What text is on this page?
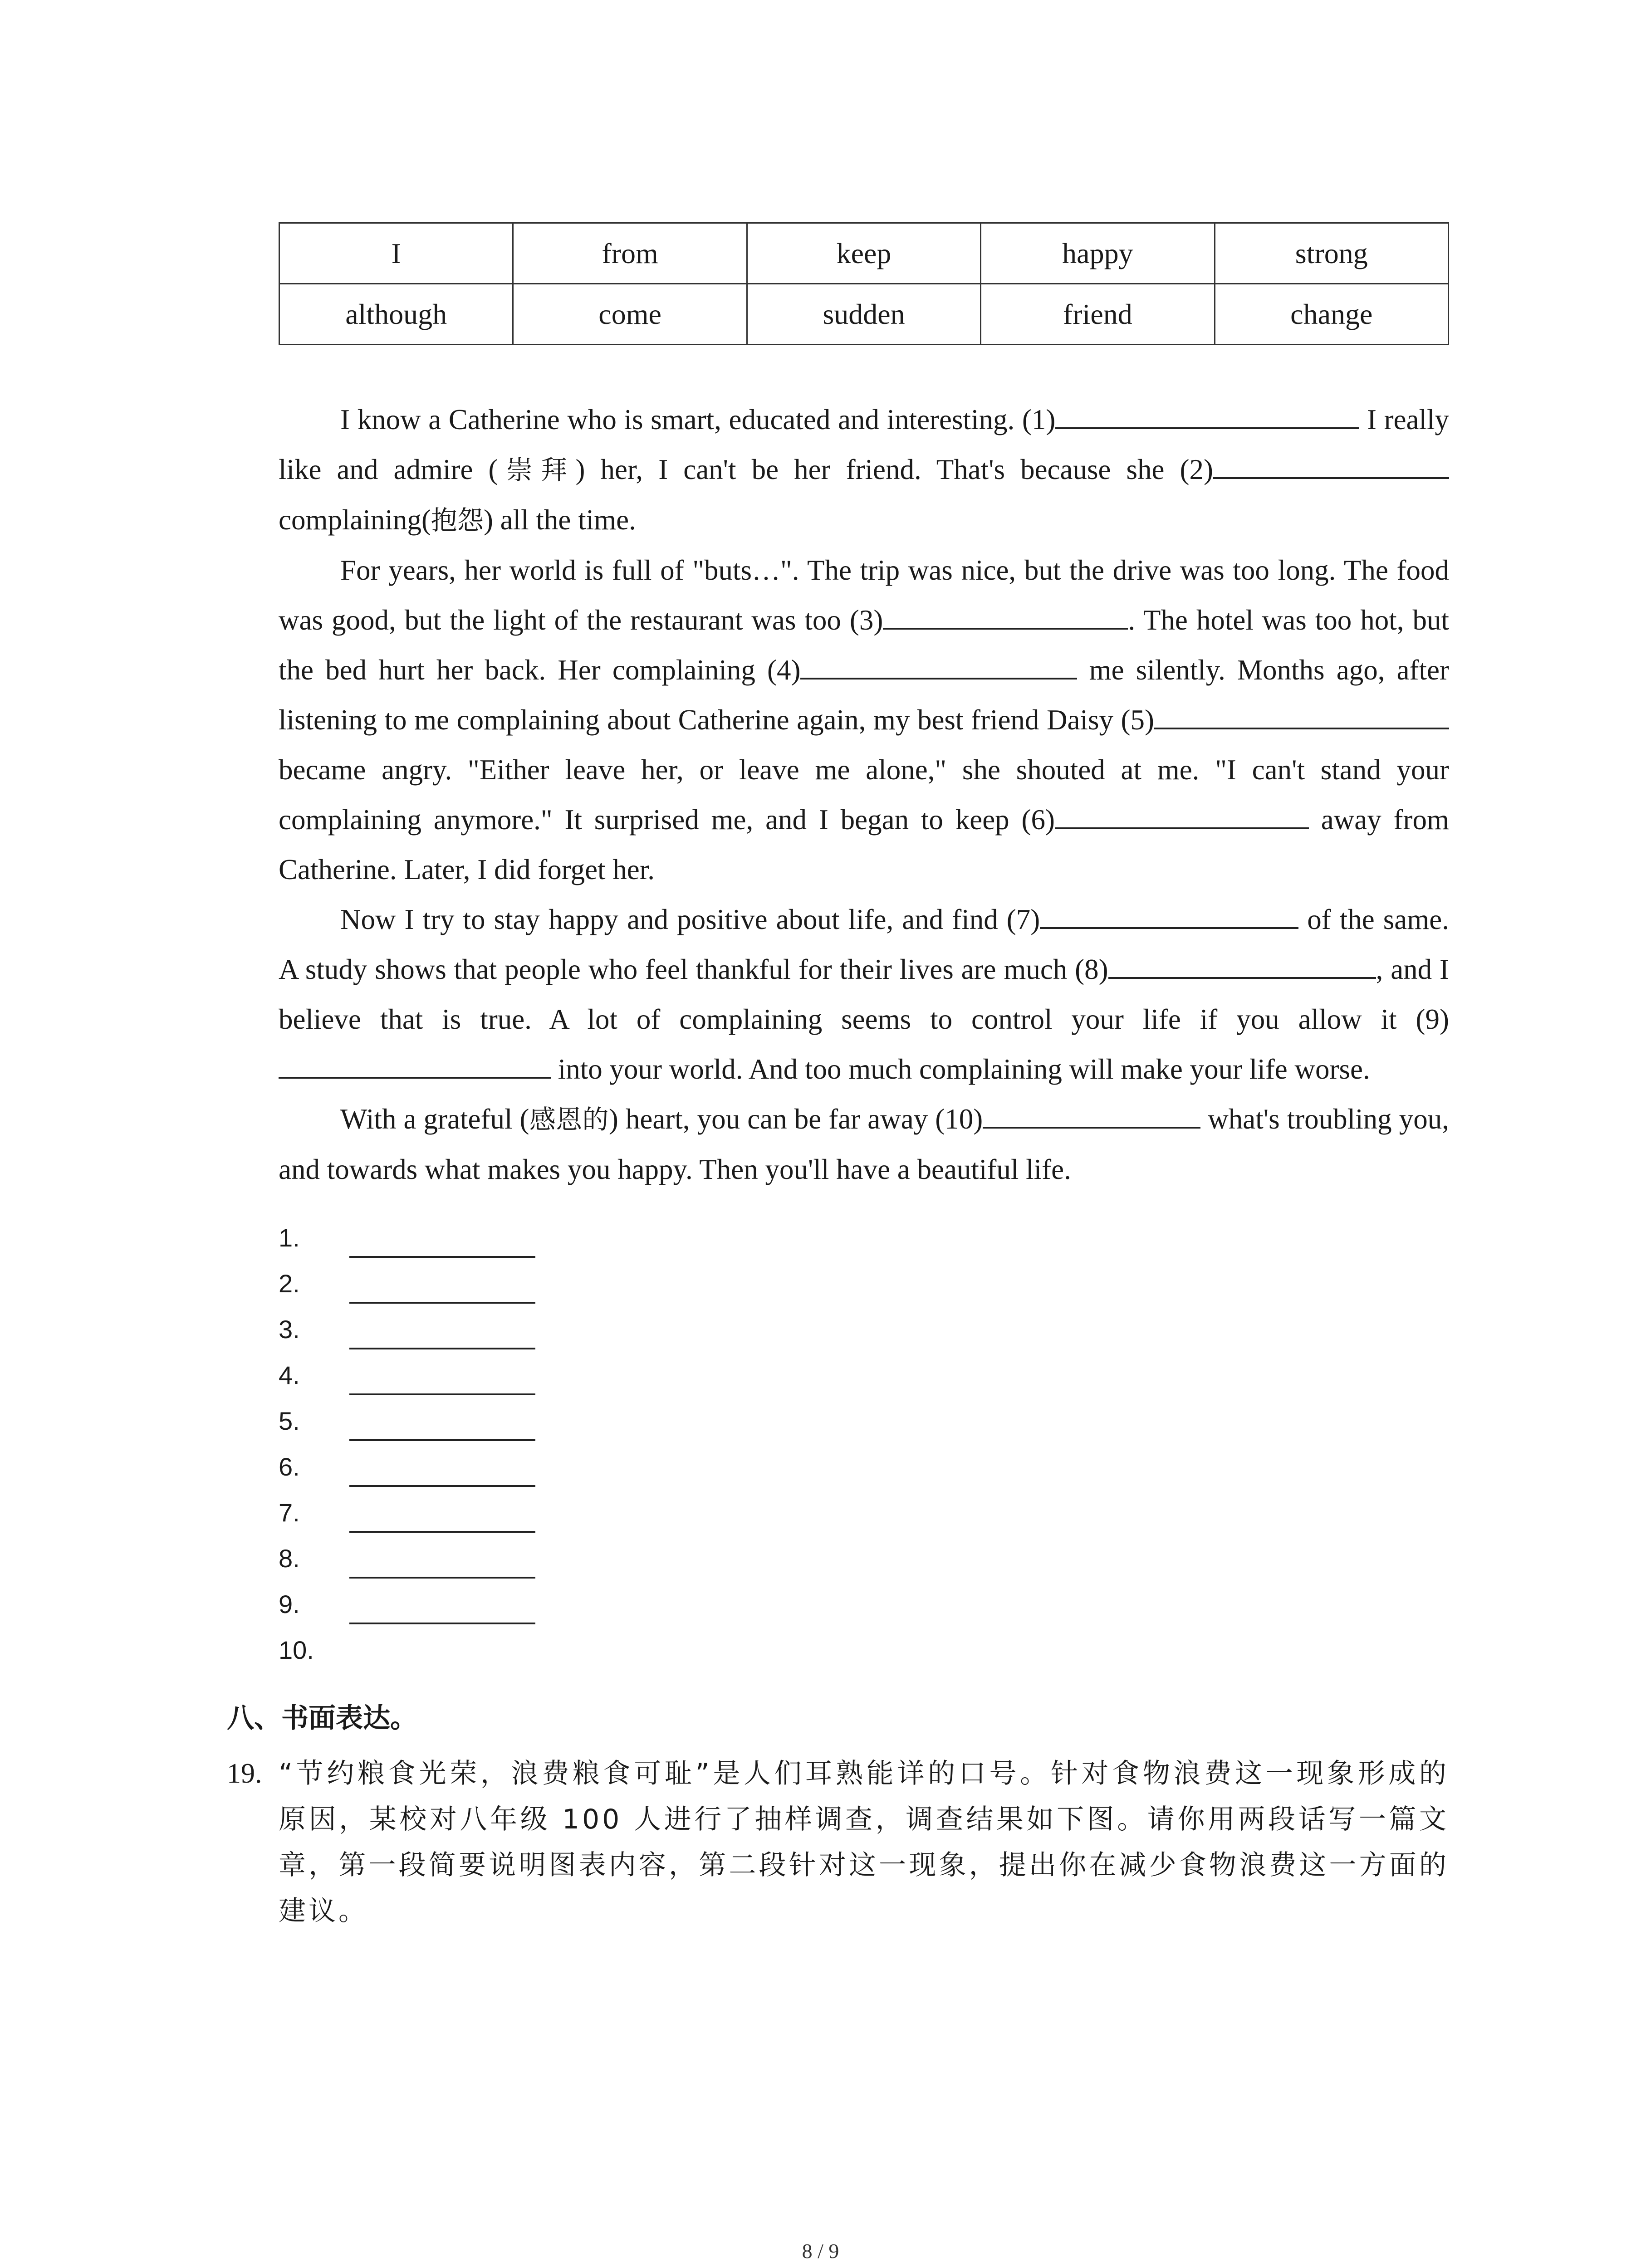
I	from	keep	happy	strong
although	come	sudden	friend	change

I know a Catherine who is smart, educated and interesting. (1)	I really like and admire (崇拜) her, I can't be her friend. That's because she (2) complaining(抱怨) all the time.

For years, her world is full of "buts…". The trip was nice, but the drive was too long. The food was good, but the light of the restaurant was too (3)	. The hotel was too hot, but the bed hurt her back. Her complaining (4)	me silently. Months ago, after listening to me complaining about Catherine again, my best friend Daisy (5) became angry. "Either leave her, or leave me alone," she shouted at me. "I can't stand your complaining anymore." It surprised me, and I began to keep (6)	away from Catherine. Later, I did forget her.

Now I try to stay happy and positive about life, and find (7)	of the same. A study shows that people who feel thankful for their lives are much (8)	, and I believe that is true. A lot of complaining seems to control your life if you allow it (9) into your world. And too much complaining will make your life worse.

With a grateful (感恩的) heart, you can be far away (10)	what's troubling you, and towards what makes you happy. Then you'll have a beautiful life.

1.
2.
3.
4.
5.
6.
7.
8.
9.
10.
八、书面表达。
19. “节约粮食光荣，浪费粮食可耻”是人们耳熟能详的口号。针对食物浪费这一现象形成的原因，某校对八年级 100 人进行了抽样调查，调查结果如下图。请你用两段话写一篇文章，第一段简要说明图表内容，第二段针对这一现象，提出你在减少食物浪费这一方面的建议。
8 / 9
